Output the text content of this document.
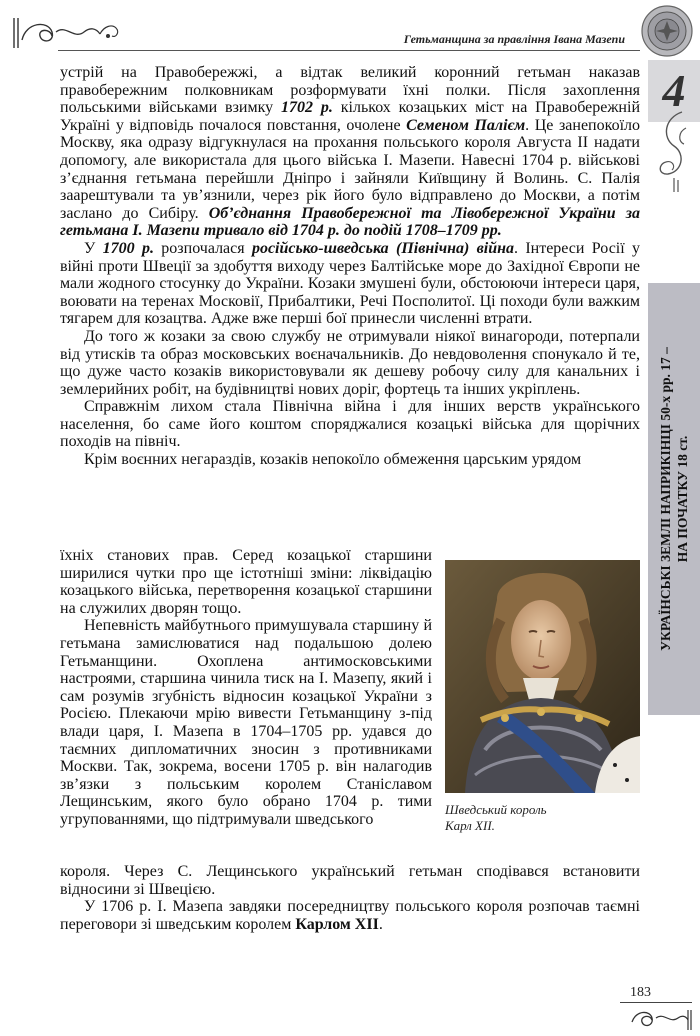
Гетьманщина за правління Івана Мазепи
4
УКРАЇНСЬКІ ЗЕМЛІ НАПРИКІНЦІ 50-х рр. 17 – НА ПОЧАТКУ 18 ст.

устрій на Правобережжі, а відтак великий коронний гетьман наказав правобережним полковникам розформувати їхні полки. Після захоплення польськими військами взимку 1702 р. кількох козацьких міст на Правобережній Україні у відповідь почалося повстання, очолене Семеном Палієм. Це занепокоїло Москву, яка одразу відгукнулася на прохання польського короля Августа ІІ надати допомогу, але використала для цього війська І. Мазепи. Навесні 1704 р. військові з’єднання гетьмана перейшли Дніпро і зайняли Київщину й Волинь. С. Палія заарештували та ув’язнили, через рік його було відправлено до Москви, а потім заслано до Сибіру. Об’єднання Правобережної та Лівобережної України за гетьмана І. Мазепи тривало від 1704 р. до подій 1708–1709 рр.

У 1700 р. розпочалася російсько-шведська (Північна) війна. Інтереси Росії у війні проти Швеції за здобуття виходу через Балтійське море до Західної Європи не мали жодного стосунку до України. Козаки змушені були, обстоюючи інтереси царя, воювати на теренах Московії, Прибалтики, Речі Посполитої. Ці походи були важким тягарем для козацтва. Адже вже перші бої принесли численні втрати.

До того ж козаки за свою службу не отримували ніякої винагороди, потерпали від утисків та образ московських воєначальників. До невдоволення спонукало й те, що дуже часто козаків використовували як дешеву робочу силу для канальних і землерийних робіт, на будівництві нових доріг, фортець та інших укріплень.

Справжнім лихом стала Північна війна і для інших верств українського населення, бо саме його коштом споряджалися козацькі війська для щорічних походів на північ.

Крім воєнних негараздів, козаків непокоїло обмеження царським урядом

їхніх станових прав. Серед козацької старшини ширилися чутки про ще істотніші зміни: ліквідацію козацького війська, перетворення козацької старшини на служилих дворян тощо.

Непевність майбутнього примушувала старшину й гетьмана замислюватися над подальшою долею Гетьманщини. Охоплена антимосковськими настроями, старшина чинила тиск на І. Мазепу, який і сам розумів згубність відносин козацької України з Росією. Плекаючи мрію вивести Гетьманщину з-під влади царя, І. Мазепа в 1704–1705 рр. удався до таємних дипломатичних зносин з противниками Москви. Так, зокрема, восени 1705 р. він налагодив зв’язки з польським королем Станіславом Лещинським, якого було обрано 1704 р. тими угрупованнями, що підтримували шведського

короля. Через С. Лещинського український гетьман сподівався встановити відносини зі Швецією.

У 1706 р. І. Мазепа завдяки посередництву польського короля розпочав таємні переговори зі шведським королем Карлом ХІІ.

Шведський король
Карл ХІІ.
183
